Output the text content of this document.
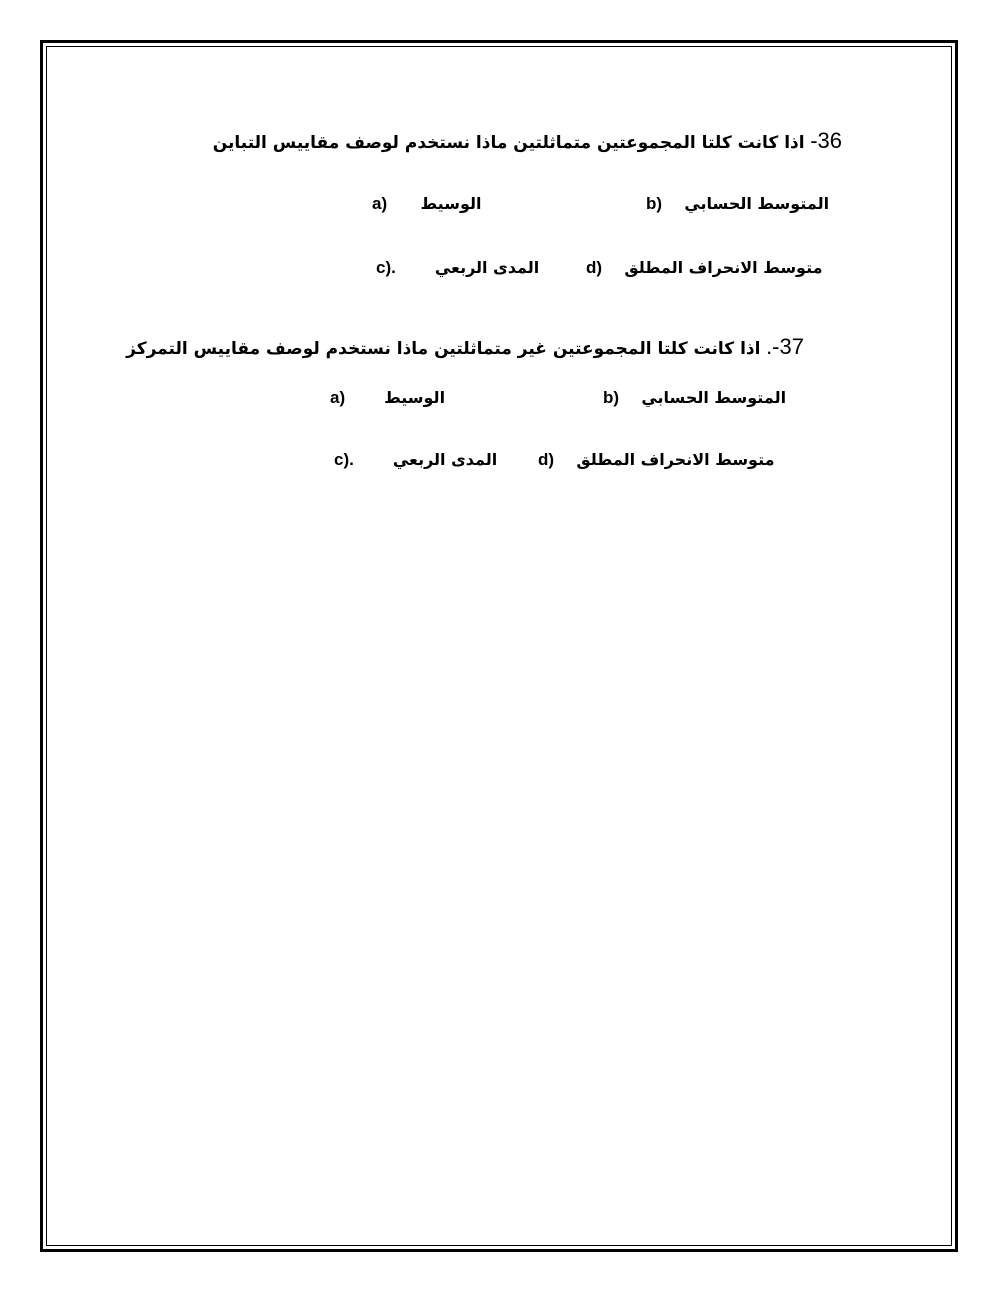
36- اذا كانت كلتا المجموعتين متماثلتين ماذا نستخدم لوصف مقاييس التباين
b) المتوسط الحسابي
a) الوسيط
d) متوسط الانحراف المطلق
c). المدى الربعي
37-. اذا كانت كلتا المجموعتين غير متماثلتين ماذا نستخدم لوصف مقاييس التمركز
b) المتوسط الحسابي
a) الوسيط
d) متوسط الانحراف المطلق
c). المدى الربعي
